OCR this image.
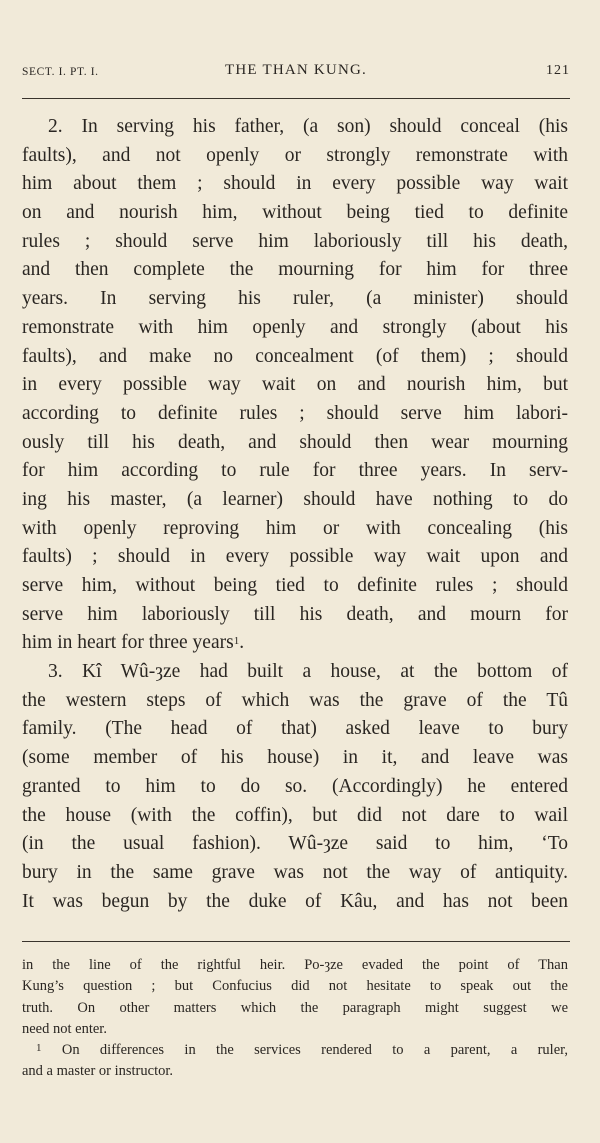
SECT. I. PT. I.	THE THAN KUNG.	121
2. In serving his father, (a son) should conceal (his
faults), and not openly or strongly remonstrate with
him about them ; should in every possible way wait
on and nourish him, without being tied to definite
rules ; should serve him laboriously till his death,
and then complete the mourning for him for three
years. In serving his ruler, (a minister) should
remonstrate with him openly and strongly (about his
faults), and make no concealment (of them) ; should
in every possible way wait on and nourish him, but
according to definite rules ; should serve him labori-
ously till his death, and should then wear mourning
for him according to rule for three years. In serv-
ing his master, (a learner) should have nothing to do
with openly reproving him or with concealing (his
faults) ; should in every possible way wait upon and
serve him, without being tied to definite rules ; should
serve him laboriously till his death, and mourn for
him in heart for three years$^1$.
3. Kî Wû-ȝze had built a house, at the bottom of
the western steps of which was the grave of the Tû
family. (The head of that) asked leave to bury
(some member of his house) in it, and leave was
granted to him to do so. (Accordingly) he entered
the house (with the coffin), but did not dare to wail
(in the usual fashion). Wû-ȝze said to him, ‘To
bury in the same grave was not the way of antiquity.
It was begun by the duke of Kâu, and has not been
in the line of the rightful heir. Po-ȝze evaded the point of Than
Kung’s question ; but Confucius did not hesitate to speak out the
truth. On other matters which the paragraph might suggest we
need not enter.
$^1$ On differences in the services rendered to a parent, a ruler,
and a master or instructor.
